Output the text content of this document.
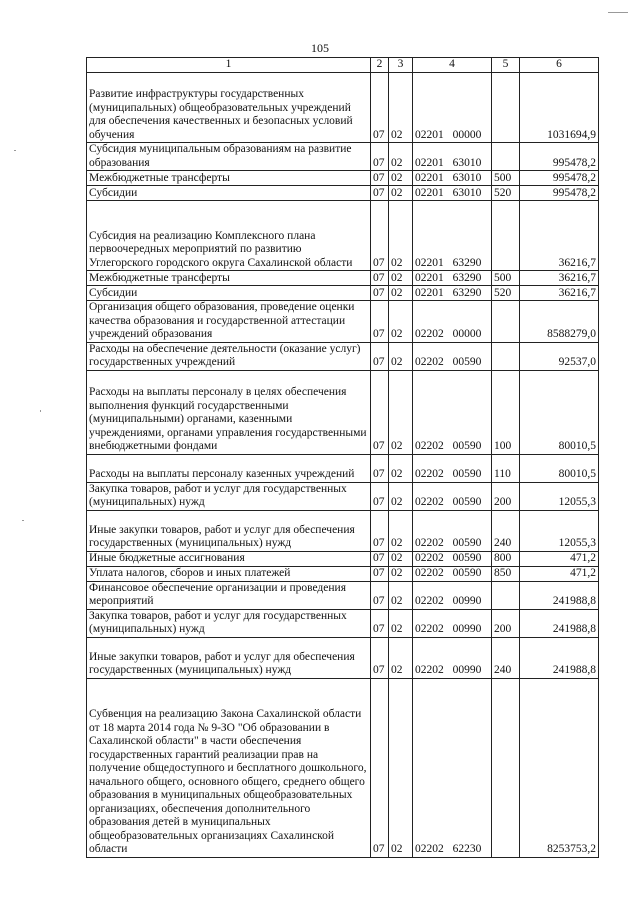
105
1	2	3	4	5	6
Развитие инфраструктуры государственных (муниципальных) общеобразовательных учреждений для обеспечения качественных и безопасных условий обучения	07	02	02201 00000		1031694,9
Субсидия муниципальным образованиям на развитие образования	07	02	02201 63010		995478,2
Межбюджетные трансферты	07	02	02201 63010	500	995478,2
Субсидии	07	02	02201 63010	520	995478,2
Субсидия на реализацию Комплексного плана первоочередных мероприятий по развитию Углегорского городского округа Сахалинской области	07	02	02201 63290		36216,7
Межбюджетные трансферты	07	02	02201 63290	500	36216,7
Субсидии	07	02	02201 63290	520	36216,7
Организация общего образования, проведение оценки качества образования и государственной аттестации учреждений образования	07	02	02202 00000		8588279,0
Расходы на обеспечение деятельности (оказание услуг) государственных учреждений	07	02	02202 00590		92537,0
Расходы на выплаты персоналу в целях обеспечения выполнения функций государственными (муниципальными) органами, казенными учреждениями, органами управления государственными внебюджетными фондами	07	02	02202 00590	100	80010,5
Расходы на выплаты персоналу казенных учреждений	07	02	02202 00590	110	80010,5
Закупка товаров, работ и услуг для государственных (муниципальных) нужд	07	02	02202 00590	200	12055,3
Иные закупки товаров, работ и услуг для обеспечения государственных (муниципальных) нужд	07	02	02202 00590	240	12055,3
Иные бюджетные ассигнования	07	02	02202 00590	800	471,2
Уплата налогов, сборов и иных платежей	07	02	02202 00590	850	471,2
Финансовое обеспечение организации и проведения мероприятий	07	02	02202 00990		241988,8
Закупка товаров, работ и услуг для государственных (муниципальных) нужд	07	02	02202 00990	200	241988,8
Иные закупки товаров, работ и услуг для обеспечения государственных (муниципальных) нужд	07	02	02202 00990	240	241988,8
Субвенция на реализацию Закона Сахалинской области от 18 марта 2014 года № 9-ЗО "Об образовании в Сахалинской области" в части обеспечения государственных гарантий реализации прав на получение общедоступного и бесплатного дошкольного, начального общего, основного общего, среднего общего образования в муниципальных общеобразовательных организациях, обеспечения дополнительного образования детей в муниципальных общеобразовательных организациях Сахалинской области	07	02	02202 62230		8253753,2
